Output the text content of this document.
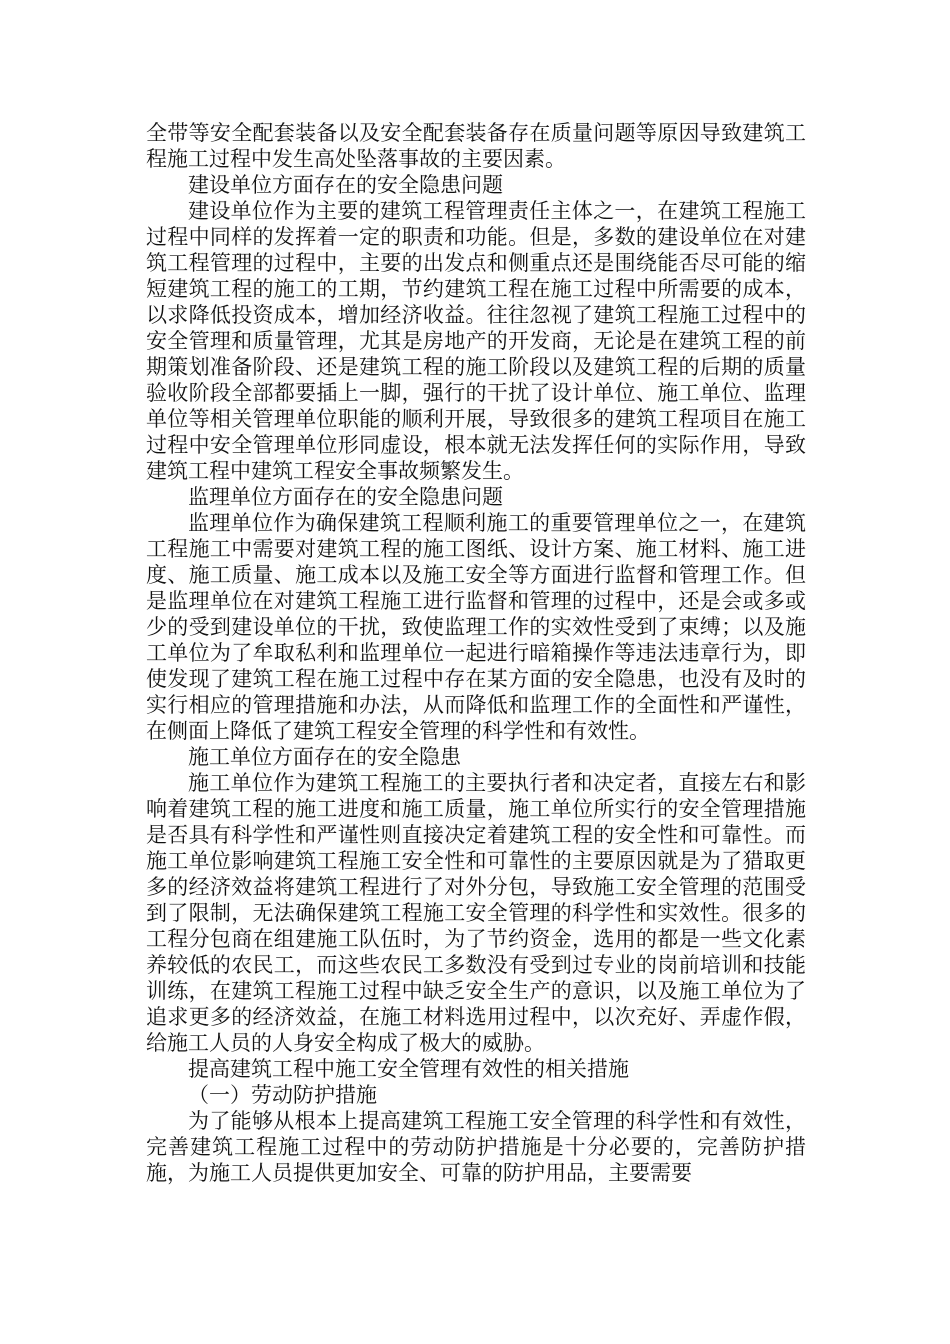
全带等安全配套装备以及安全配套装备存在质量问题等原因导致建筑工程施工过程中发生高处坠落事故的主要因素。

建设单位方面存在的安全隐患问题

建设单位作为主要的建筑工程管理责任主体之一，在建筑工程施工过程中同样的发挥着一定的职责和功能。但是，多数的建设单位在对建筑工程管理的过程中，主要的出发点和侧重点还是围绕能否尽可能的缩短建筑工程的施工的工期，节约建筑工程在施工过程中所需要的成本，以求降低投资成本，增加经济收益。往往忽视了建筑工程施工过程中的安全管理和质量管理，尤其是房地产的开发商，无论是在建筑工程的前期策划准备阶段、还是建筑工程的施工阶段以及建筑工程的后期的质量验收阶段全部都要插上一脚，强行的干扰了设计单位、施工单位、监理单位等相关管理单位职能的顺利开展，导致很多的建筑工程项目在施工过程中安全管理单位形同虚设，根本就无法发挥任何的实际作用，导致建筑工程中建筑工程安全事故频繁发生。

监理单位方面存在的安全隐患问题

监理单位作为确保建筑工程顺利施工的重要管理单位之一，在建筑工程施工中需要对建筑工程的施工图纸、设计方案、施工材料、施工进度、施工质量、施工成本以及施工安全等方面进行监督和管理工作。但是监理单位在对建筑工程施工进行监督和管理的过程中，还是会或多或少的受到建设单位的干扰，致使监理工作的实效性受到了束缚；以及施工单位为了牟取私利和监理单位一起进行暗箱操作等违法违章行为，即使发现了建筑工程在施工过程中存在某方面的安全隐患，也没有及时的实行相应的管理措施和办法，从而降低和监理工作的全面性和严谨性，在侧面上降低了建筑工程安全管理的科学性和有效性。

施工单位方面存在的安全隐患

施工单位作为建筑工程施工的主要执行者和决定者，直接左右和影响着建筑工程的施工进度和施工质量，施工单位所实行的安全管理措施是否具有科学性和严谨性则直接决定着建筑工程的安全性和可靠性。而施工单位影响建筑工程施工安全性和可靠性的主要原因就是为了猎取更多的经济效益将建筑工程进行了对外分包，导致施工安全管理的范围受到了限制，无法确保建筑工程施工安全管理的科学性和实效性。很多的工程分包商在组建施工队伍时，为了节约资金，选用的都是一些文化素养较低的农民工，而这些农民工多数没有受到过专业的岗前培训和技能训练，在建筑工程施工过程中缺乏安全生产的意识，以及施工单位为了追求更多的经济效益，在施工材料选用过程中，以次充好、弄虚作假，给施工人员的人身安全构成了极大的威胁。

提高建筑工程中施工安全管理有效性的相关措施

（一）劳动防护措施

为了能够从根本上提高建筑工程施工安全管理的科学性和有效性，完善建筑工程施工过程中的劳动防护措施是十分必要的，完善防护措施，为施工人员提供更加安全、可靠的防护用品，主要需要
